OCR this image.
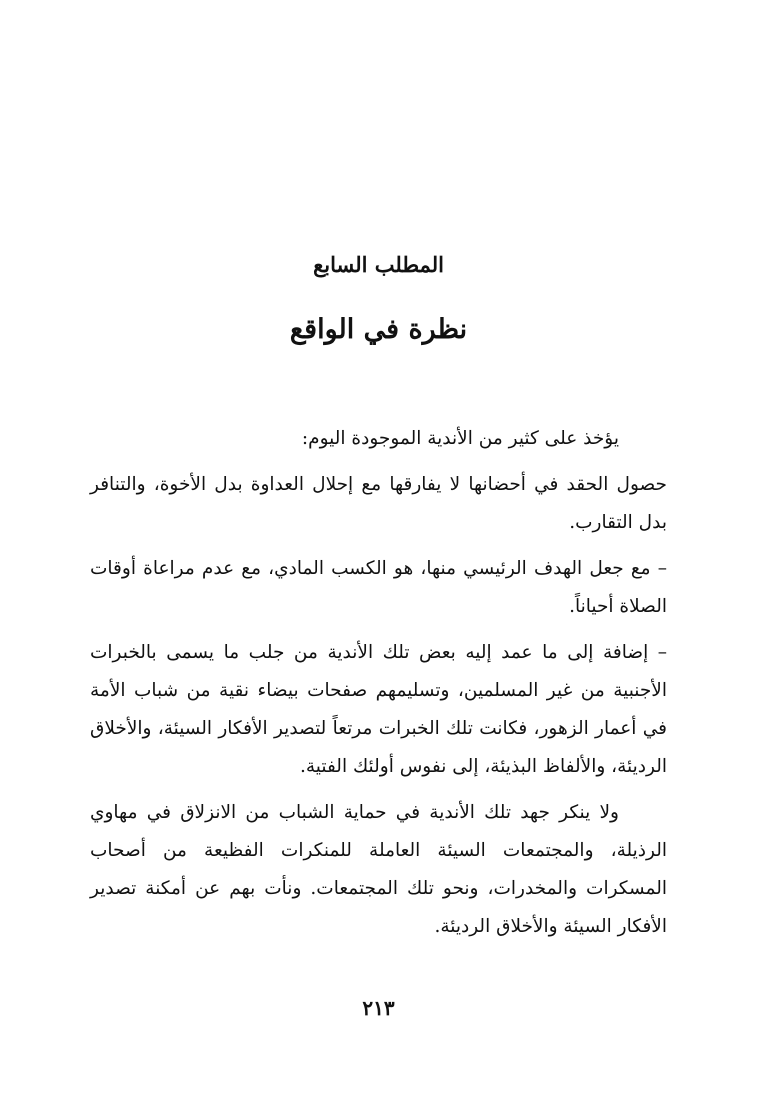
المطلب السابع
نظرة في الواقع

يؤخذ على كثير من الأندية الموجودة اليوم:

حصول الحقد في أحضانها لا يفارقها مع إحلال العداوة بدل الأخوة، والتنافر بدل التقارب.

– مع جعل الهدف الرئيسي منها، هو الكسب المادي، مع عدم مراعاة أوقات الصلاة أحياناً.

– إضافة إلى ما عمد إليه بعض تلك الأندية من جلب ما يسمى بالخبرات الأجنبية من غير المسلمين، وتسليمهم صفحات بيضاء نقية من شباب الأمة في أعمار الزهور، فكانت تلك الخبرات مرتعاً لتصدير الأفكار السيئة، والأخلاق الرديئة، والألفاظ البذيئة، إلى نفوس أولئك الفتية.

ولا ينكر جهد تلك الأندية في حماية الشباب من الانزلاق في مهاوي الرذيلة، والمجتمعات السيئة العاملة للمنكرات الفظيعة من أصحاب المسكرات والمخدرات، ونحو تلك المجتمعات. ونأت بهم عن أمكنة تصدير الأفكار السيئة والأخلاق الرديئة.

٢١٣
